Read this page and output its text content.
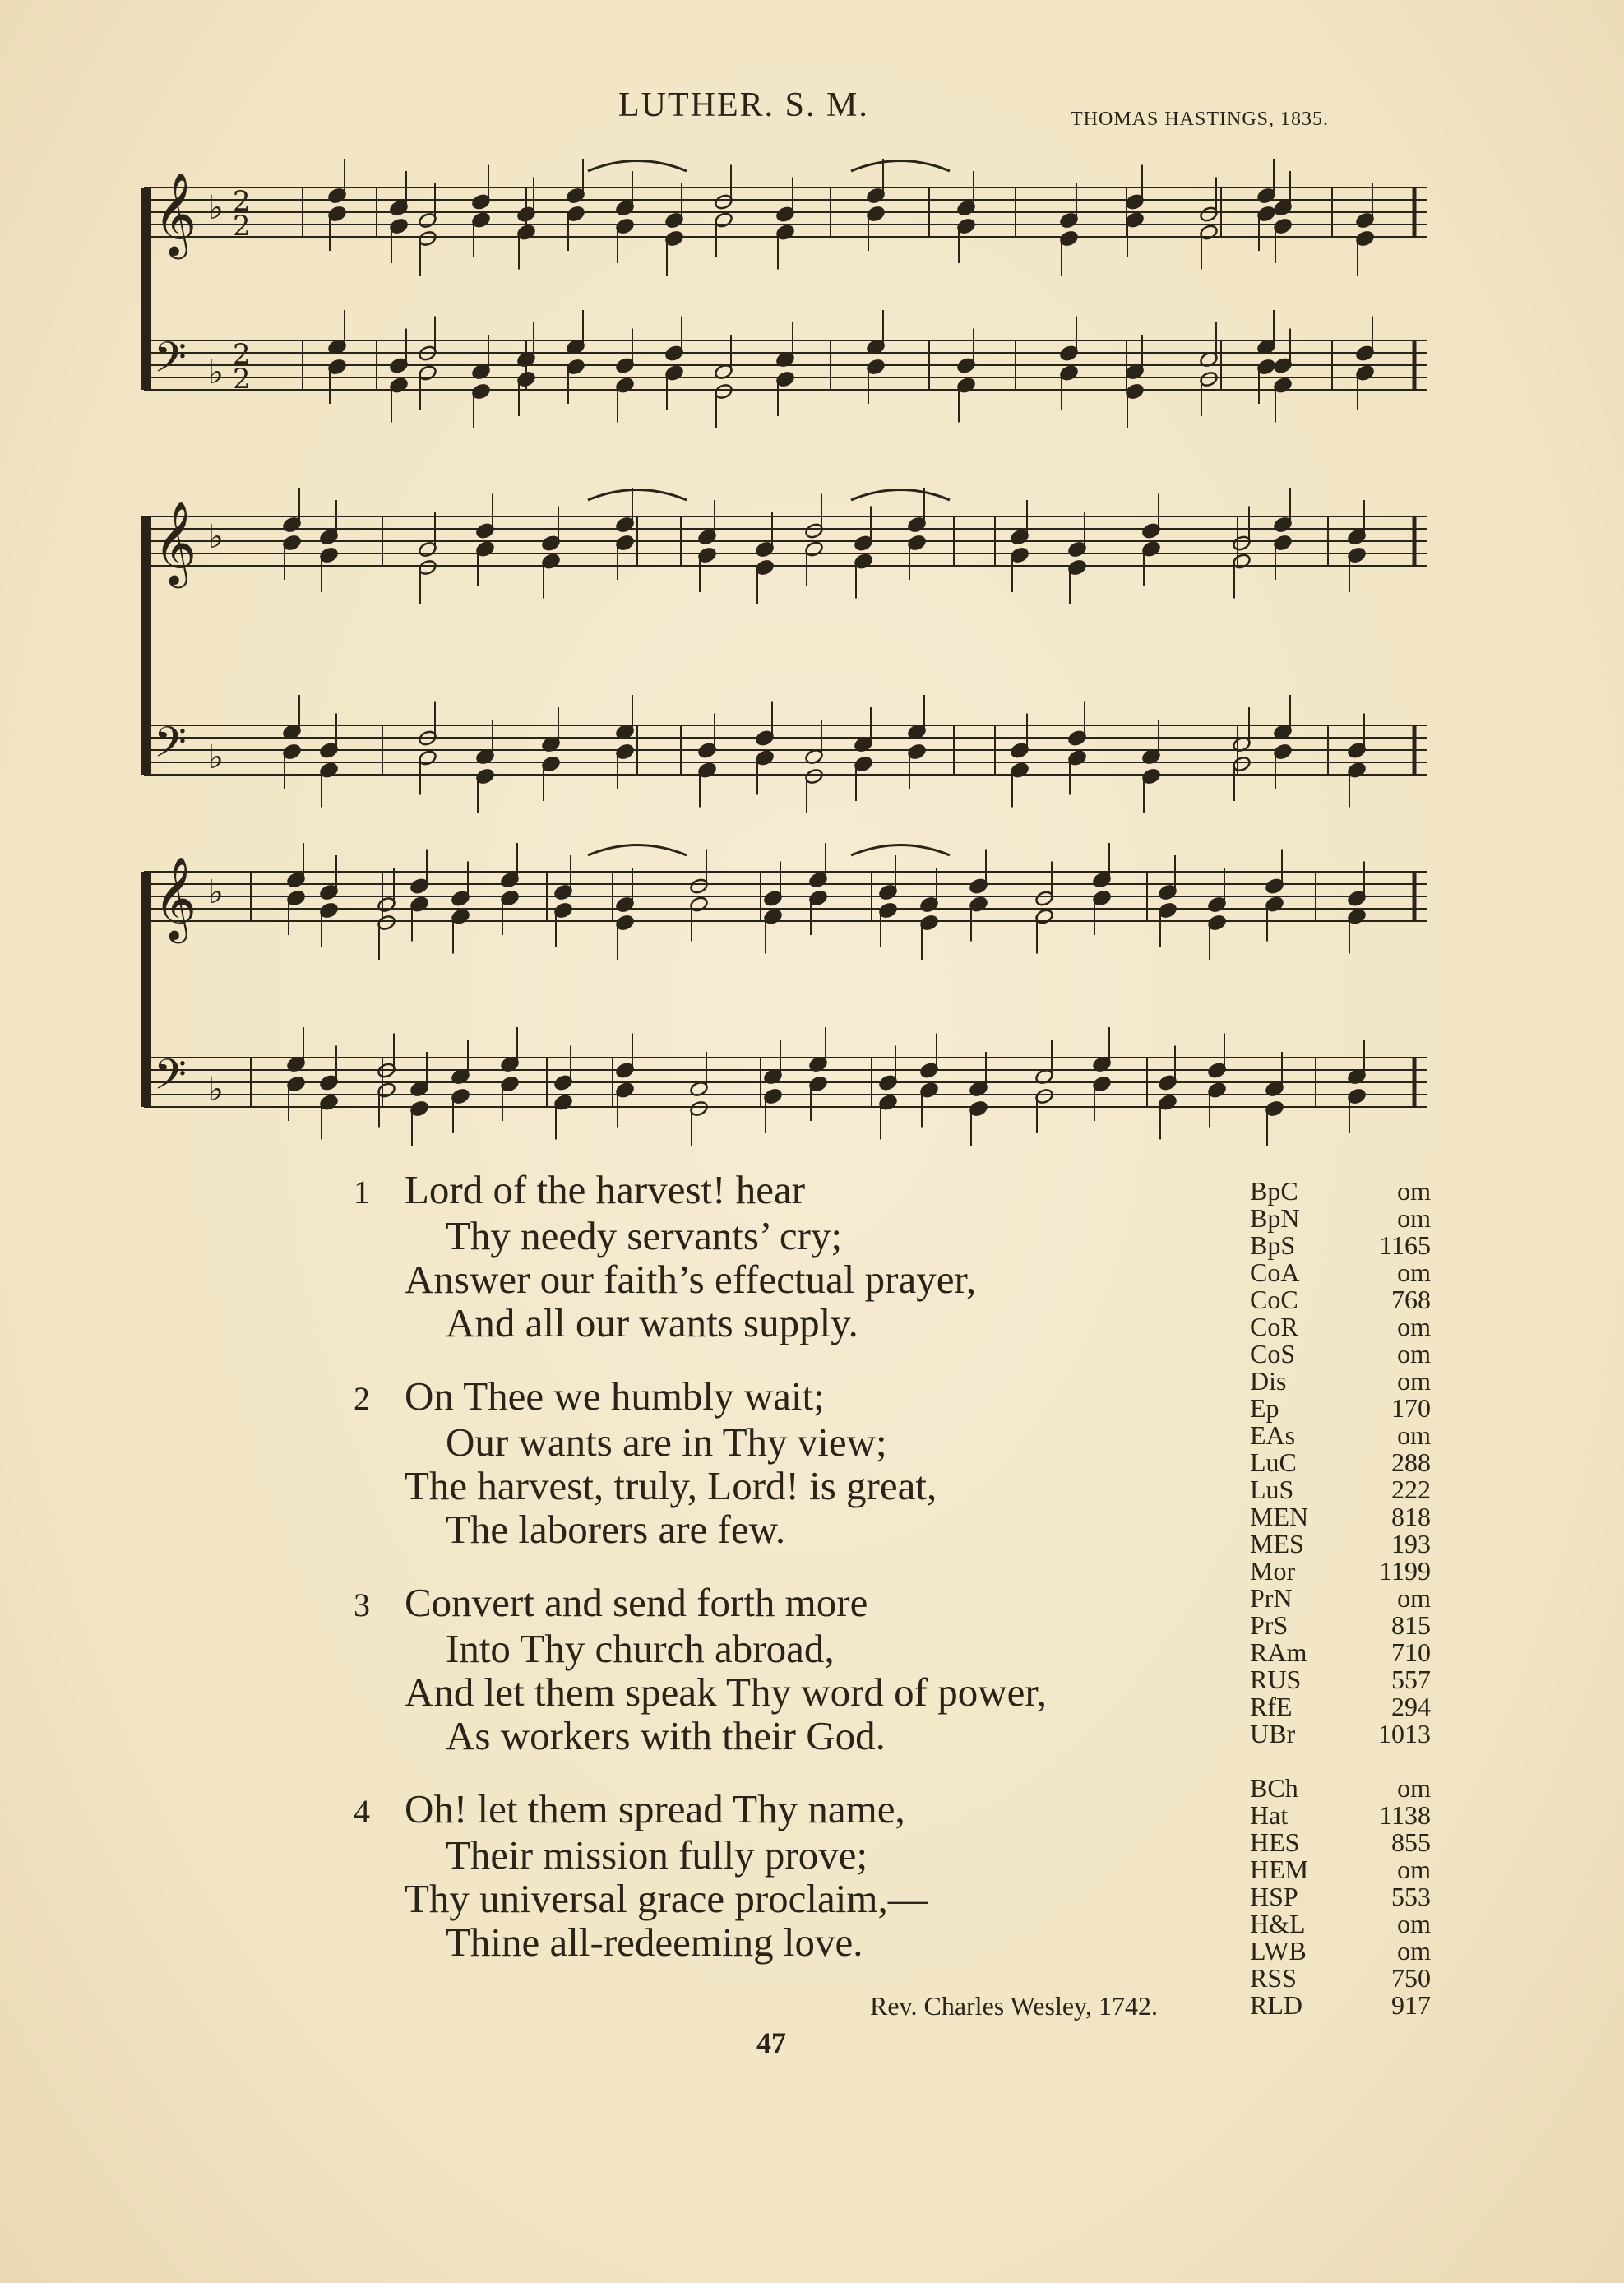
LUTHER. S. M.	THOMAS HASTINGS, 1835.
𝄞
𝄢
♭
♭
2
2
2
2
𝄞
𝄢
♭
♭
𝄞
𝄢
♭
♭
1 Lord of the harvest! hear
Thy needy servants’ cry;
Answer our faith’s effectual prayer,
And all our wants supply.
2 On Thee we humbly wait;
Our wants are in Thy view;
The harvest, truly, Lord! is great,
The laborers are few.
3 Convert and send forth more
Into Thy church abroad,
And let them speak Thy word of power,
As workers with their God.
4 Oh! let them spread Thy name,
Their mission fully prove;
Thy universal grace proclaim,—
Thine all-redeeming love.
Rev. Charles Wesley, 1742.
BpC	om
BpN	om
BpS	1165
CoA	om
CoC	768
CoR	om
CoS	om
Dis	om
Ep	170
EAs	om
LuC	288
LuS	222
MEN	818
MES	193
Mor	1199
PrN	om
PrS	815
RAm	710
RUS	557
RfE	294
UBr	1013
BCh	om
Hat	1138
HES	855
HEM	om
HSP	553
H&L	om
LWB	om
RSS	750
RLD	917
47
